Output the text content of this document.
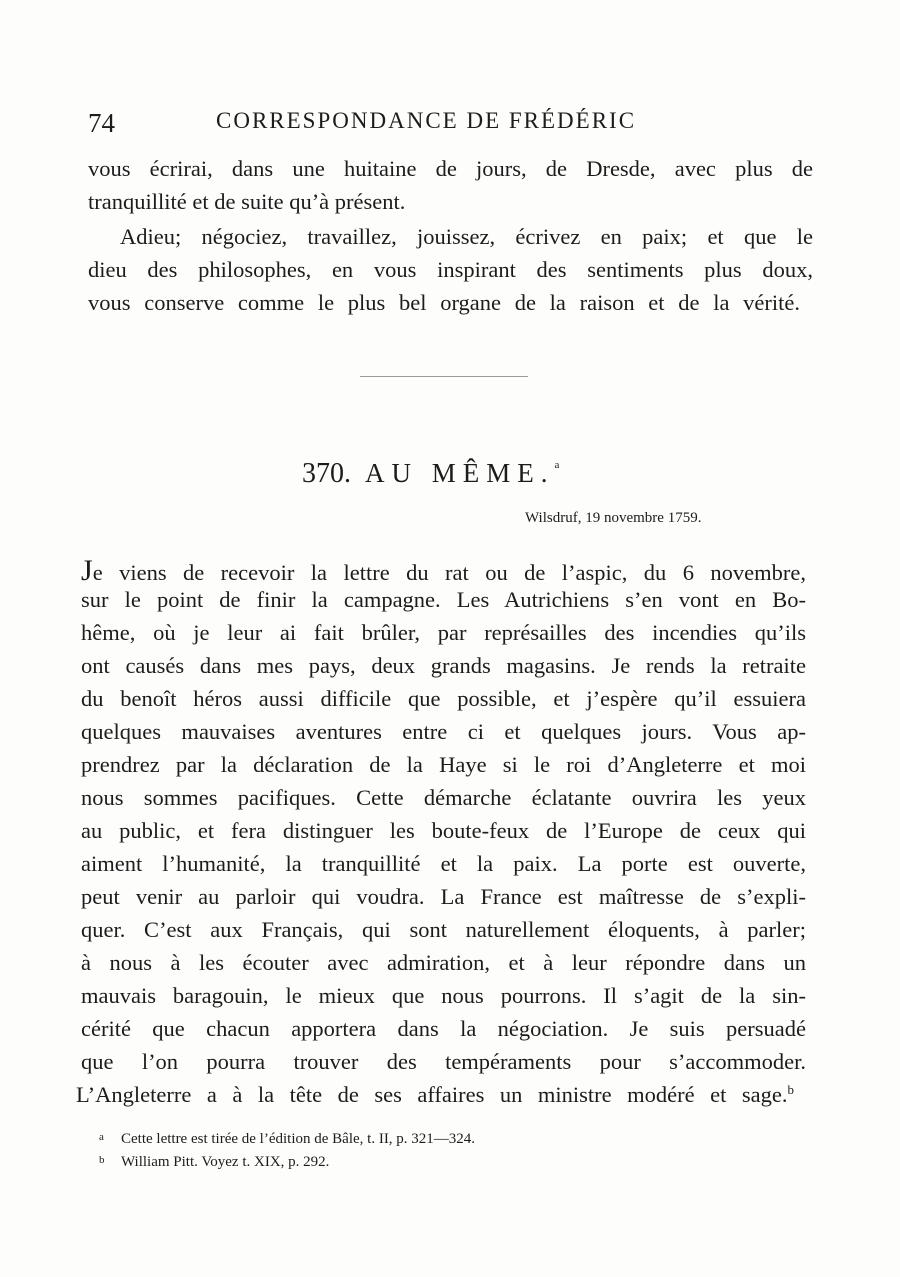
74	CORRESPONDANCE DE FRÉDÉRIC
vous écrirai, dans une huitaine de jours, de Dresde, avec plus de
tranquillité et de suite qu’à présent.
Adieu; négociez, travaillez, jouissez, écrivez en paix; et que le
dieu des philosophes, en vous inspirant des sentiments plus doux,
vous conserve comme le plus bel organe de la raison et de la vérité.
370. AU MÊME.$^a$
Wilsdruf, 19 novembre 1759.
Je viens de recevoir la lettre du rat ou de l’aspic, du 6 novembre,
sur le point de finir la campagne. Les Autrichiens s’en vont en Bo-
hême, où je leur ai fait brûler, par représailles des incendies qu’ils
ont causés dans mes pays, deux grands magasins. Je rends la retraite
du benoît héros aussi difficile que possible, et j’espère qu’il essuiera
quelques mauvaises aventures entre ci et quelques jours. Vous ap-
prendrez par la déclaration de la Haye si le roi d’Angleterre et moi
nous sommes pacifiques. Cette démarche éclatante ouvrira les yeux
au public, et fera distinguer les boute-feux de l’Europe de ceux qui
aiment l’humanité, la tranquillité et la paix. La porte est ouverte,
peut venir au parloir qui voudra. La France est maîtresse de s’expli-
quer. C’est aux Français, qui sont naturellement éloquents, à parler;
à nous à les écouter avec admiration, et à leur répondre dans un
mauvais baragouin, le mieux que nous pourrons. Il s’agit de la sin-
cérité que chacun apportera dans la négociation. Je suis persuadé
que l’on pourra trouver des tempéraments pour s’accommoder.
L’Angleterre a à la tête de ses affaires un ministre modéré et sage.$^b$
a Cette lettre est tirée de l’édition de Bâle, t. II, p. 321—324.
b William Pitt. Voyez t. XIX, p. 292.
